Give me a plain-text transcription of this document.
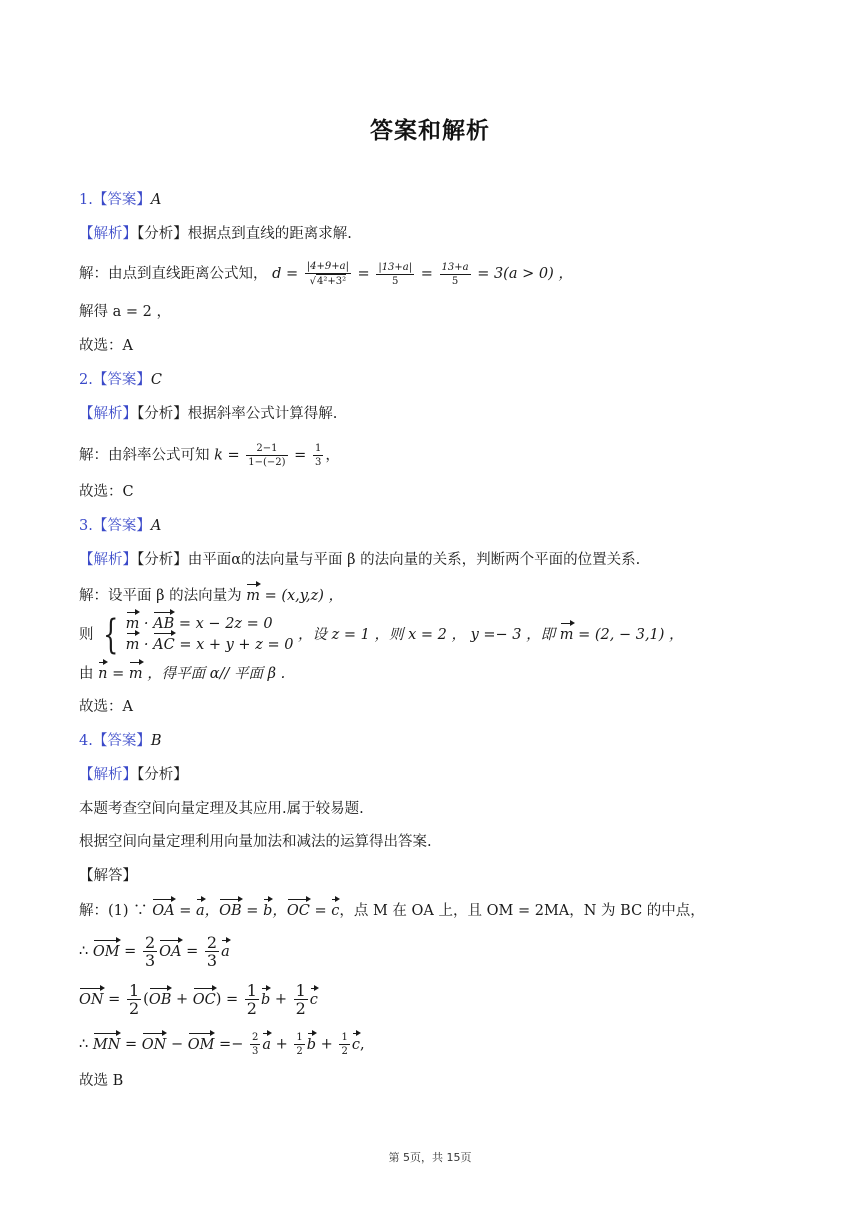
答案和解析
1.【答案】A
【解析】【分析】根据点到直线的距离求解.
解：由点到直线距离公式知， $d = \frac{|4+9+a|}{\text{√4²+3²}} = \frac{|13+a|}{5} = \frac{13+a}{5} = 3(a > 0)$ ，
解得 a = 2 ，
故选：A
2.【答案】C
【解析】【分析】根据斜率公式计算得解.
解：由斜率公式可知 $k = \frac{2-1}{1-(-2)} = \frac{1}{3}$ ，
故选：C
3.【答案】A
【解析】【分析】由平面α的法向量与平面 β 的法向量的关系，判断两个平面的位置关系.
解：设平面 β 的法向量为 m = (x,y,z) ，
则 { m · AB = x − 2z = 0
m · AC = x + y + z = 0
，设 z = 1 ，则 x = 2 ， y =− 3 ，即 m = (2, − 3,1) ，
由 n = m ，得平面 α// 平面 β .
故选：A
4.【答案】B
【解析】【分析】
本题考查空间向量定理及其应用.属于较易题.
根据空间向量定理利用向量加法和减法的运算得出答案.
【解答】
解：(1) ∵ OA = a，OB = b，OC = c，点 M 在 OA 上，且 OM = 2MA，N 为 BC 的中点，
∴ OM = $\frac{2}{3}$ OA = $\frac{2}{3}$ a
ON = $\frac{1}{2} (OB + OC) = \frac{1}{2}$ $b + \frac{1}{2}$ c
∴ MN = ON − OM =− $\frac{2}{3}$ $a + \frac{1}{2}$ $b + \frac{1}{2} c$,
故选 B
第 5页，共 15页
